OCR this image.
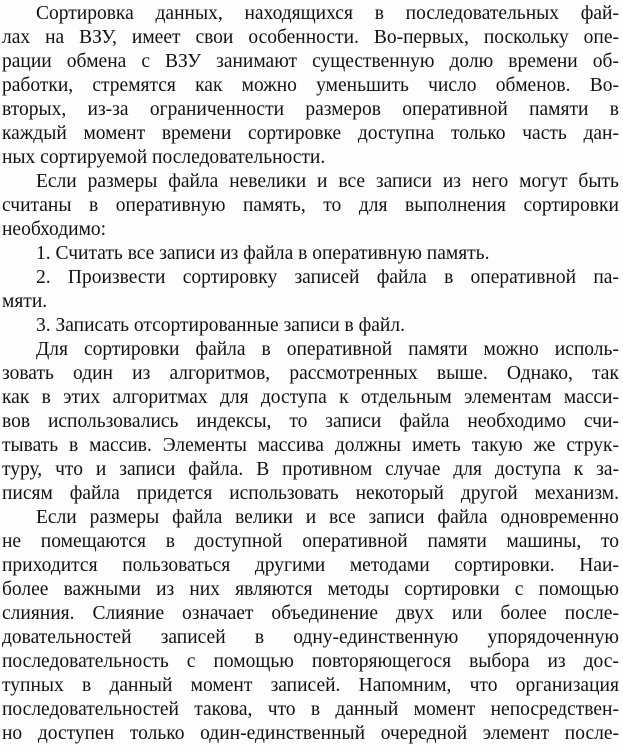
Сортировка данных, находящихся в последовательных фай-
лах на ВЗУ, имеет свои особенности. Во-первых, поскольку опе-
рации обмена с ВЗУ занимают существенную долю времени об-
работки, стремятся как можно уменьшить число обменов. Во-
вторых, из-за ограниченности размеров оперативной памяти в
каждый момент времени сортировке доступна только часть дан-
ных сортируемой последовательности.
Если размеры файла невелики и все записи из него могут быть
считаны в оперативную память, то для выполнения сортировки
необходимо:
1. Считать все записи из файла в оперативную память.
2. Произвести сортировку записей файла в оперативной па-
мяти.
3. Записать отсортированные записи в файл.
Для сортировки файла в оперативной памяти можно исполь-
зовать один из алгоритмов, рассмотренных выше. Однако, так
как в этих алгоритмах для доступа к отдельным элементам масси-
вов использовались индексы, то записи файла необходимо счи-
тывать в массив. Элементы массива должны иметь такую же струк-
туру, что и записи файла. В противном случае для доступа к за-
писям файла придется использовать некоторый другой механизм.
Если размеры файла велики и все записи файла одновременно
не помещаются в доступной оперативной памяти машины, то
приходится пользоваться другими методами сортировки. Наи-
более важными из них являются методы сортировки с помощью
слияния. Слияние означает объединение двух или более после-
довательностей записей в одну-единственную упорядоченную
последовательность с помощью повторяющегося выбора из дос-
тупных в данный момент записей. Напомним, что организация
последовательностей такова, что в данный момент непосредствен-
но доступен только один-единственный очередной элемент после-
